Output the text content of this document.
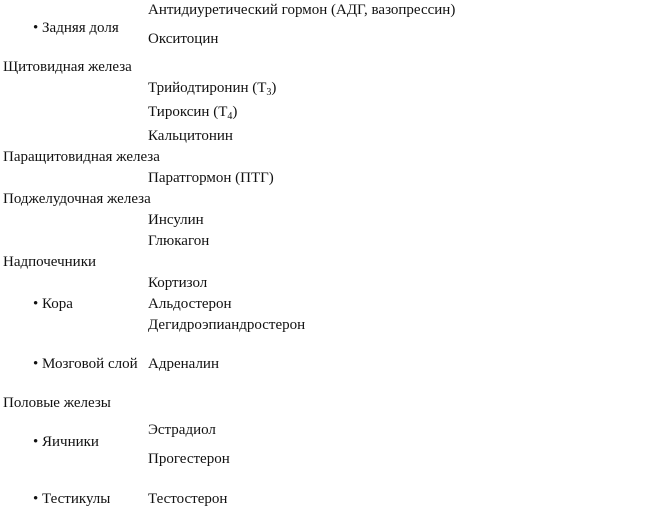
Антидиуретический гормон (АДГ, вазопрессин)
• Задняя доля
Окситоцин
Щитовидная железа
Трийодтиронин $(Т_3)$
Тироксин $(Т_4)$
Кальцитонин
Паращитовидная железа
Паратгормон (ПТГ)
Поджелудочная железа
Инсулин
Глюкагон
Надпочечники
Кортизол
• Кора	Альдостерон
Дегидроэпиандростерон
• Мозговой слой Адреналин
Половые железы
Эстрадиол
• Яичники
Прогестерон
• Тестикулы	Тестостерон
